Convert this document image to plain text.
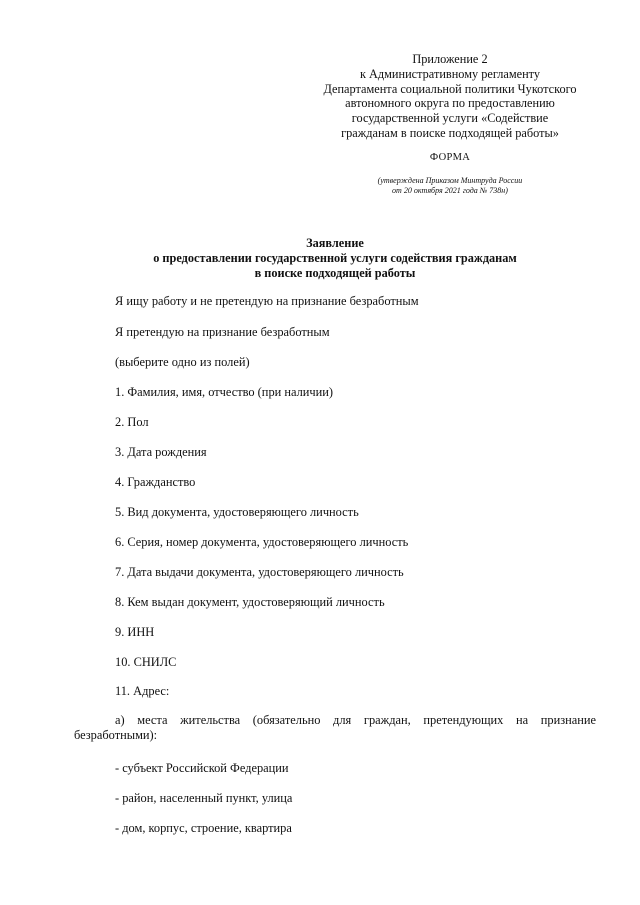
Приложение 2
к Административному регламенту
Департамента социальной политики Чукотского
автономного округа по предоставлению
государственной услуги «Содействие
гражданам в поиске подходящей работы»
ФОРМА
(утверждена Приказом Минтруда России
от 20 октября 2021 года № 738н)
Заявление
о предоставлении государственной услуги содействия гражданам
в поиске подходящей работы
Я ищу работу и не претендую на признание безработным
Я претендую на признание безработным
(выберите одно из полей)
1. Фамилия, имя, отчество (при наличии)
2. Пол
3. Дата рождения
4. Гражданство
5. Вид документа, удостоверяющего личность
6. Серия, номер документа, удостоверяющего личность
7. Дата выдачи документа, удостоверяющего личность
8. Кем выдан документ, удостоверяющий личность
9. ИНН
10. СНИЛС
11. Адрес:
а) места жительства (обязательно для граждан, претендующих на признание безработными):
- субъект Российской Федерации
- район, населенный пункт, улица
- дом, корпус, строение, квартира
